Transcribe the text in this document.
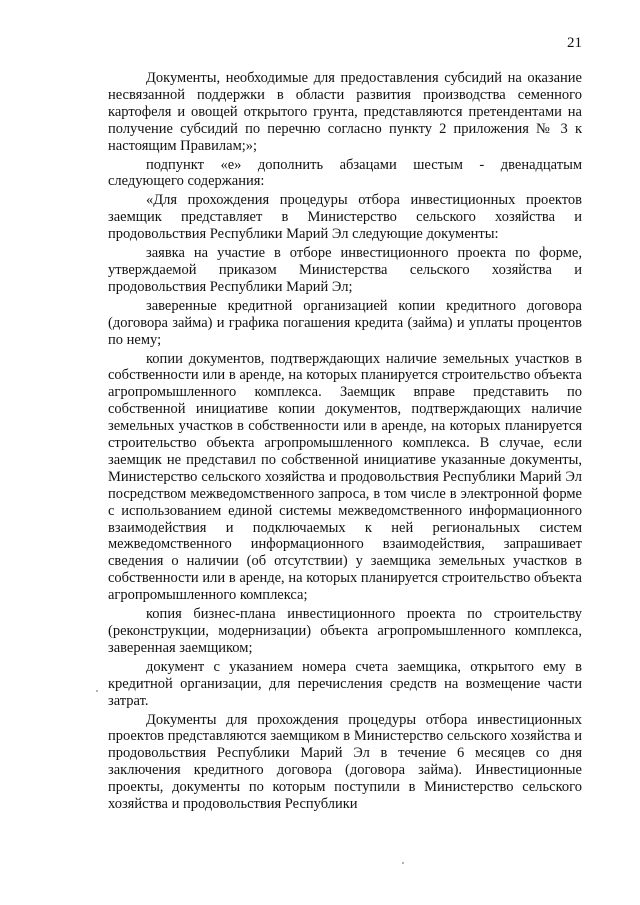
21

Документы, необходимые для предоставления субсидий на оказание несвязанной поддержки в области развития производства семенного картофеля и овощей открытого грунта, представляются претендентами на получение субсидий по перечню согласно пункту 2 приложения № 3 к настоящим Правилам;»;

подпункт «е» дополнить абзацами шестым - двенадцатым следующего содержания:

«Для прохождения процедуры отбора инвестиционных проектов заемщик представляет в Министерство сельского хозяйства и продовольствия Республики Марий Эл следующие документы:

заявка на участие в отборе инвестиционного проекта по форме, утверждаемой приказом Министерства сельского хозяйства и продовольствия Республики Марий Эл;

заверенные кредитной организацией копии кредитного договора (договора займа) и графика погашения кредита (займа) и уплаты процентов по нему;

копии документов, подтверждающих наличие земельных участков в собственности или в аренде, на которых планируется строительство объекта агропромышленного комплекса. Заемщик вправе представить по собственной инициативе копии документов, подтверждающих наличие земельных участков в собственности или в аренде, на которых планируется строительство объекта агропромышленного комплекса. В случае, если заемщик не представил по собственной инициативе указанные документы, Министерство сельского хозяйства и продовольствия Республики Марий Эл посредством межведомственного запроса, в том числе в электронной форме с использованием единой системы межведомственного информационного взаимодействия и подключаемых к ней региональных систем межведомственного информационного взаимодействия, запрашивает сведения о наличии (об отсутствии) у заемщика земельных участков в собственности или в аренде, на которых планируется строительство объекта агропромышленного комплекса;

копия бизнес-плана инвестиционного проекта по строительству (реконструкции, модернизации) объекта агропромышленного комплекса, заверенная заемщиком;

документ с указанием номера счета заемщика, открытого ему в кредитной организации, для перечисления средств на возмещение части затрат.

Документы для прохождения процедуры отбора инвестиционных проектов представляются заемщиком в Министерство сельского хозяйства и продовольствия Республики Марий Эл в течение 6 месяцев со дня заключения кредитного договора (договора займа). Инвестиционные проекты, документы по которым поступили в Министерство сельского хозяйства и продовольствия Республики
